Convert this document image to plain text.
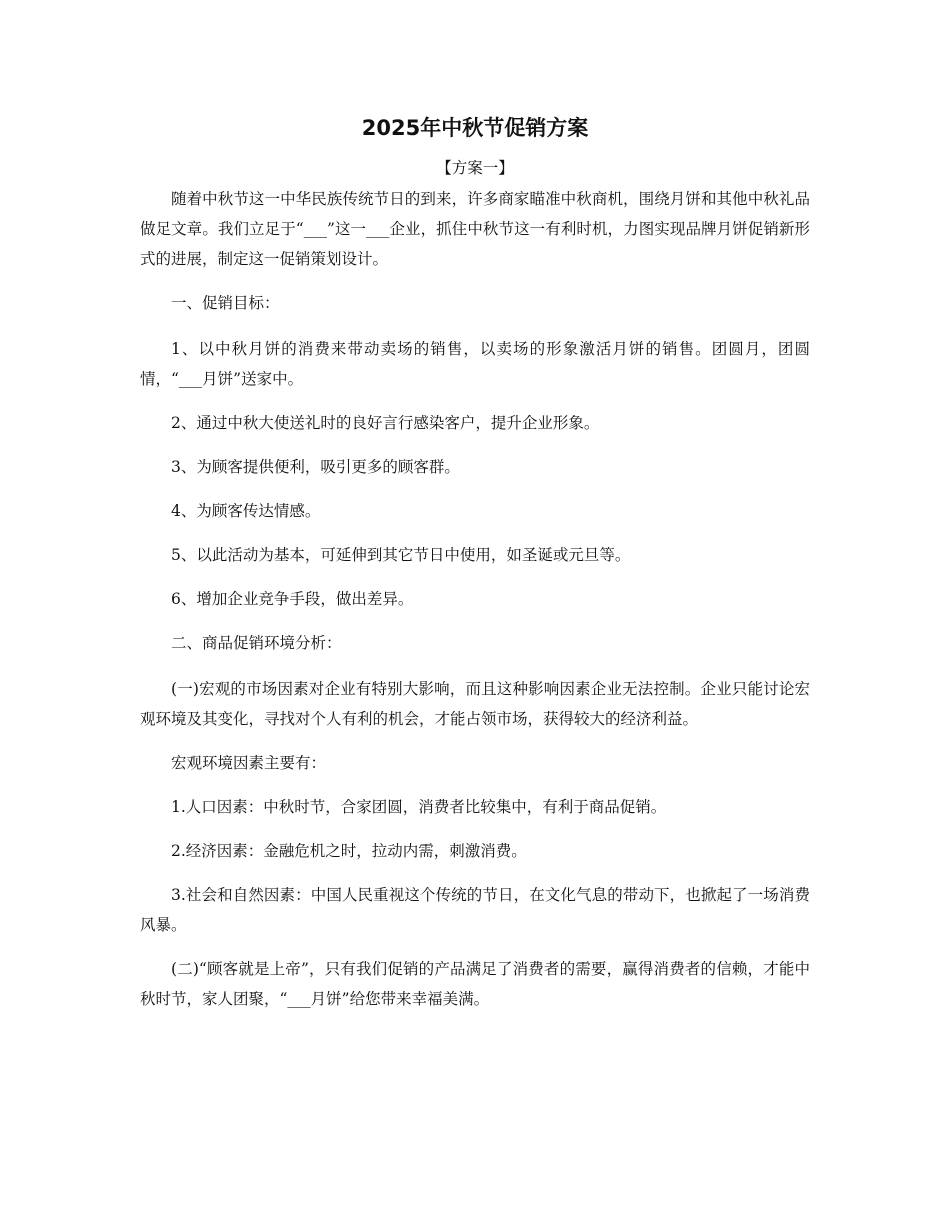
2025年中秋节促销方案

【方案一】

随着中秋节这一中华民族传统节日的到来，许多商家瞄准中秋商机，围绕月饼和其他中秋礼品做足文章。我们立足于“___”这一___企业，抓住中秋节这一有利时机，力图实现品牌月饼促销新形式的进展，制定这一促销策划设计。

一、促销目标：

1、以中秋月饼的消费来带动卖场的销售，以卖场的形象激活月饼的销售。团圆月，团圆情，“___月饼”送家中。

2、通过中秋大使送礼时的良好言行感染客户，提升企业形象。

3、为顾客提供便利，吸引更多的顾客群。

4、为顾客传达情感。

5、以此活动为基本，可延伸到其它节日中使用，如圣诞或元旦等。

6、增加企业竞争手段，做出差异。

二、商品促销环境分析：

(一)宏观的市场因素对企业有特别大影响，而且这种影响因素企业无法控制。企业只能讨论宏观环境及其变化，寻找对个人有利的机会，才能占领市场，获得较大的经济利益。

宏观环境因素主要有：

1.人口因素：中秋时节，合家团圆，消费者比较集中，有利于商品促销。

2.经济因素：金融危机之时，拉动内需，刺激消费。

3.社会和自然因素：中国人民重视这个传统的节日，在文化气息的带动下，也掀起了一场消费风暴。

(二)“顾客就是上帝”，只有我们促销的产品满足了消费者的需要，赢得消费者的信赖，才能中秋时节，家人团聚，“___月饼”给您带来幸福美满。
